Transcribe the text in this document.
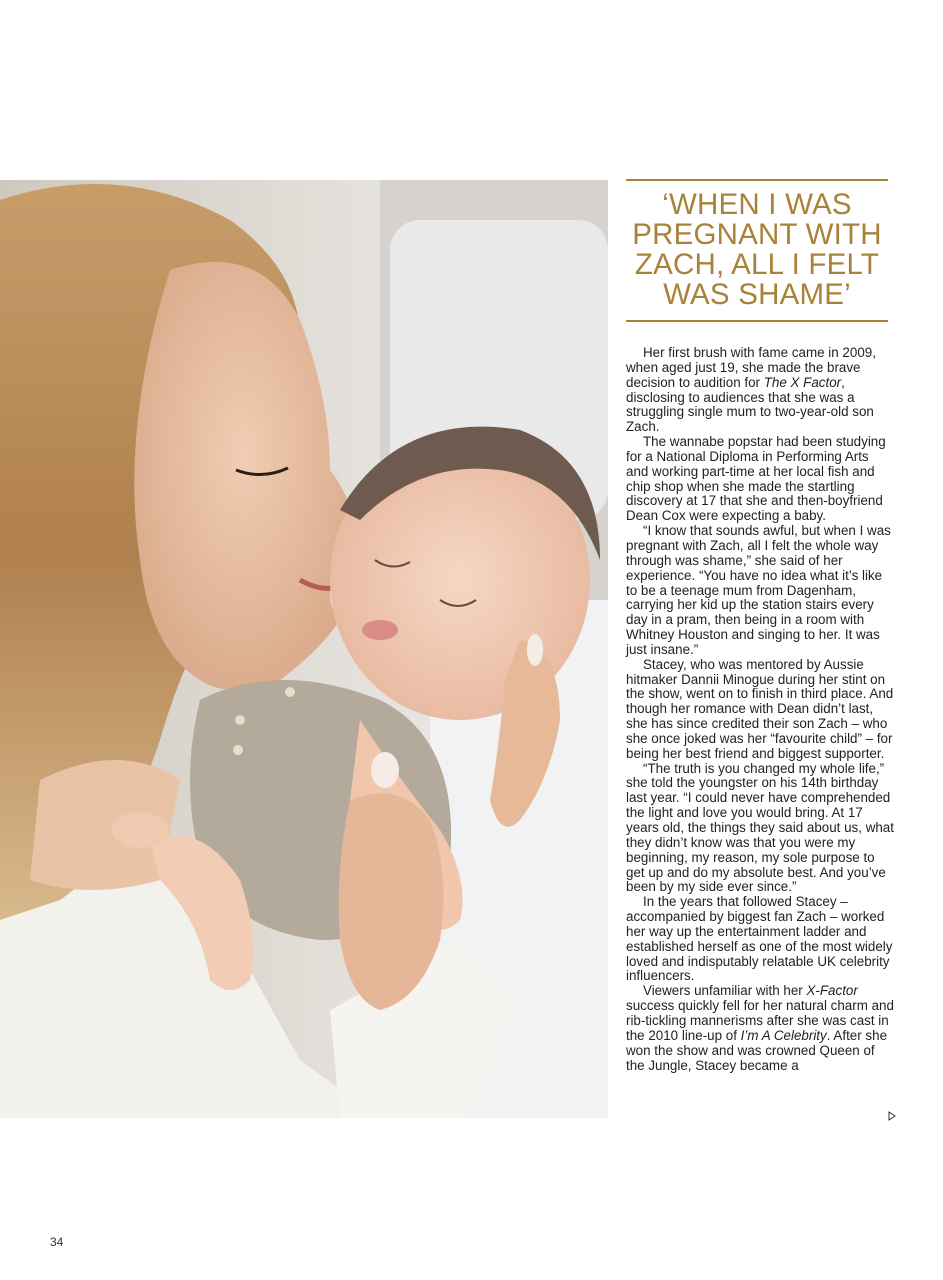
‘WHEN I WAS PREGNANT WITH ZACH, ALL I FELT WAS SHAME’

Her first brush with fame came in 2009, when aged just 19, she made the brave decision to audition for The X Factor, disclosing to audiences that she was a struggling single mum to two-year-old son Zach.

The wannabe popstar had been studying for a National Diploma in Performing Arts and working part-time at her local fish and chip shop when she made the startling discovery at 17 that she and then-boyfriend Dean Cox were expecting a baby.

“I know that sounds awful, but when I was pregnant with Zach, all I felt the whole way through was shame,” she said of her experience. “You have no idea what it’s like to be a teenage mum from Dagenham, carrying her kid up the station stairs every day in a pram, then being in a room with Whitney Houston and singing to her. It was just insane.”

Stacey, who was mentored by Aussie hitmaker Dannii Minogue during her stint on the show, went on to finish in third place. And though her romance with Dean didn’t last, she has since credited their son Zach – who she once joked was her “favourite child” – for being her best friend and biggest supporter.

“The truth is you changed my whole life,” she told the youngster on his 14th birthday last year. “I could never have comprehended the light and love you would bring. At 17 years old, the things they said about us, what they didn’t know was that you were my beginning, my reason, my sole purpose to get up and do my absolute best. And you’ve been by my side ever since.”

In the years that followed Stacey – accompanied by biggest fan Zach – worked her way up the entertainment ladder and established herself as one of the most widely loved and indisputably relatable UK celebrity influencers.

Viewers unfamiliar with her X-Factor success quickly fell for her natural charm and rib-tickling mannerisms after she was cast in the 2010 line-up of I’m A Celebrity. After she won the show and was crowned Queen of the Jungle, Stacey became a

34
